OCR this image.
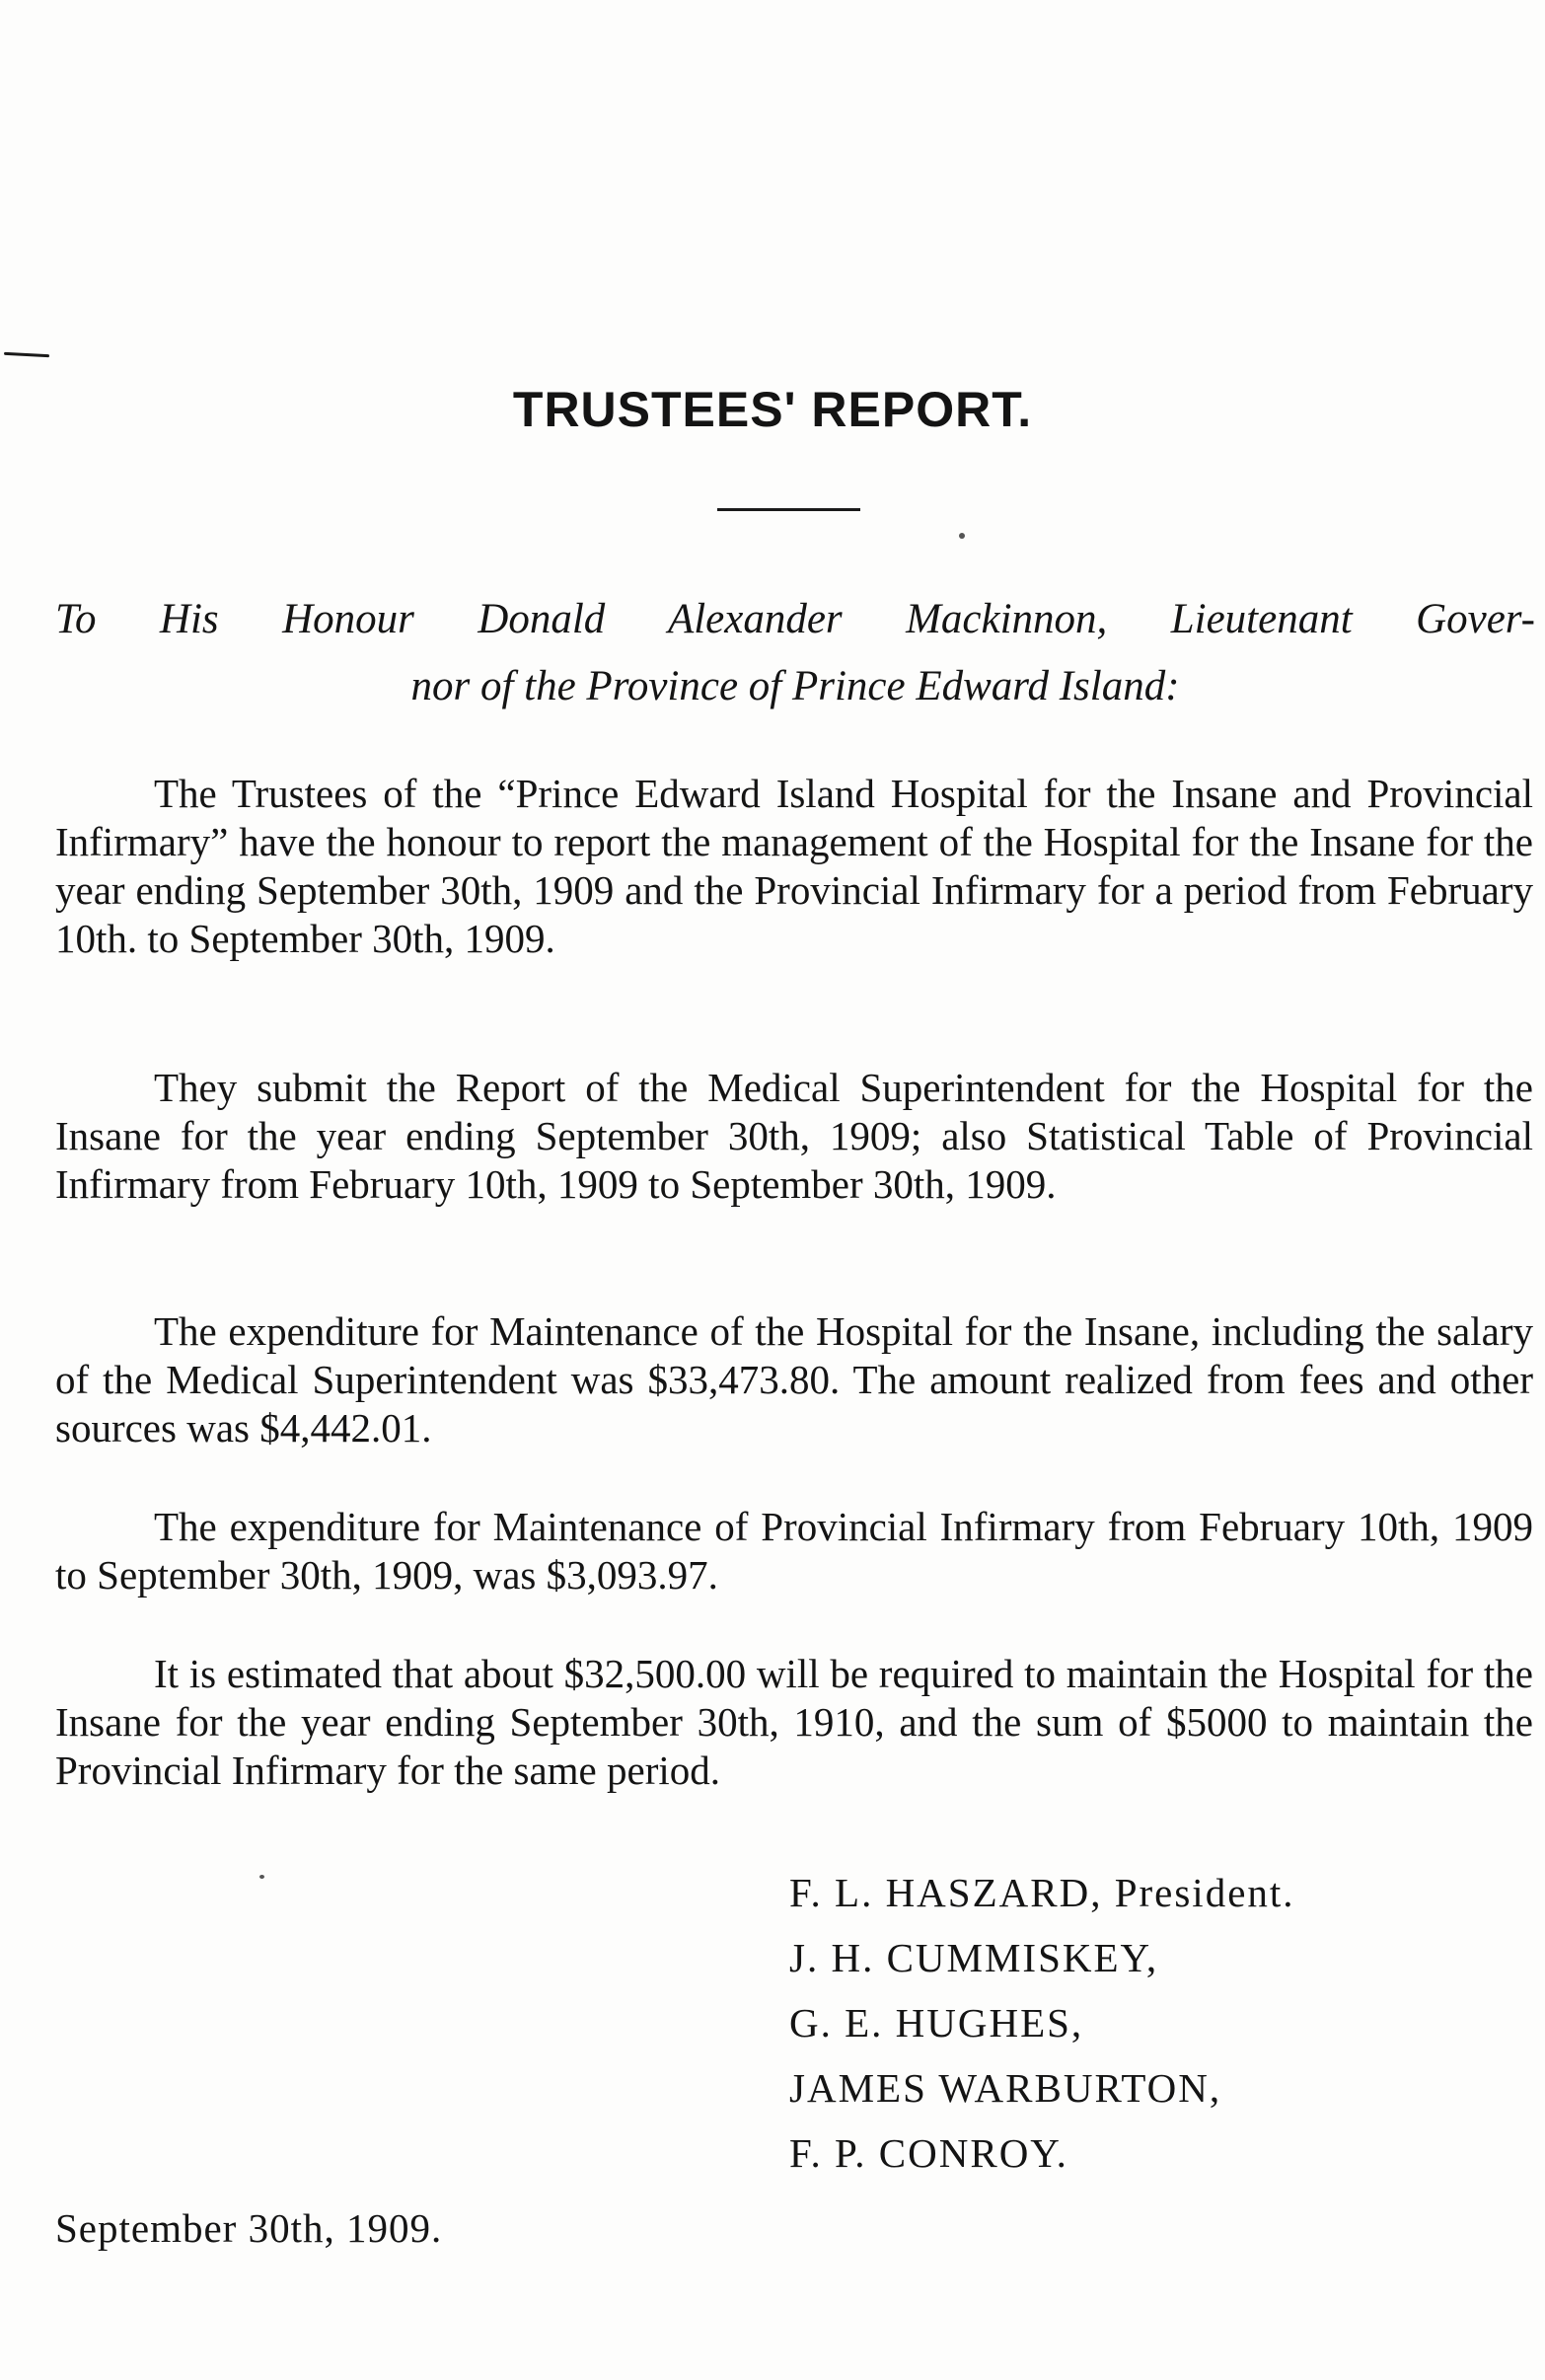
TRUSTEES' REPORT.

To His Honour Donald Alexander Mackinnon, Lieutenant Gover-
nor of the Province of Prince Edward Island:

The Trustees of the “Prince Edward Island Hospital for the Insane and Provincial Infirmary” have the honour to report the management of the Hospital for the Insane for the year ending September 30th, 1909 and the Provincial Infirmary for a period from February 10th. to September 30th, 1909.

They submit the Report of the Medical Superintendent for the Hospital for the Insane for the year ending September 30th, 1909; also Statistical Table of Provincial Infirmary from February 10th, 1909 to September 30th, 1909.

The expenditure for Maintenance of the Hospital for the Insane, including the salary of the Medical Superintendent was $33,473.80. The amount realized from fees and other sources was $4,442.01.

The expenditure for Maintenance of Provincial Infirmary from February 10th, 1909 to September 30th, 1909, was $3,093.97.

It is estimated that about $32,500.00 will be required to maintain the Hospital for the Insane for the year ending September 30th, 1910, and the sum of $5000 to maintain the Provincial Infirmary for the same period.

F. L. HASZARD, President.
J. H. CUMMISKEY,
G. E. HUGHES,
JAMES WARBURTON,
F. P. CONROY.

September 30th, 1909.
